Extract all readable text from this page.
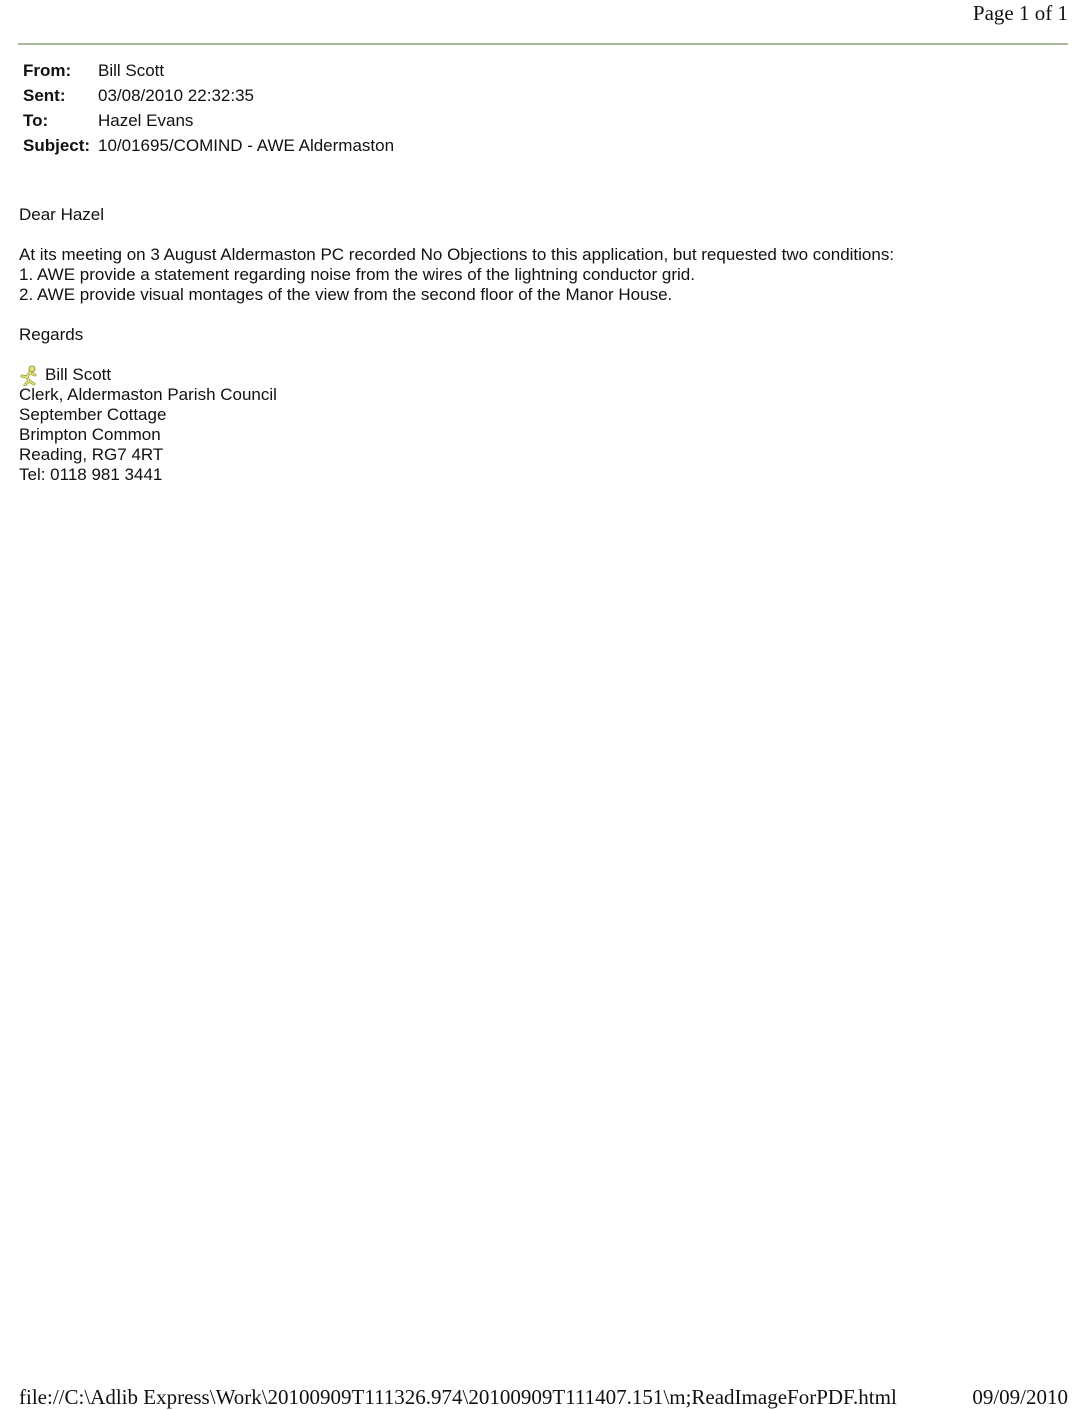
Page 1 of 1
From:	Bill Scott
Sent:	03/08/2010 22:32:35
To:	Hazel Evans
Subject: 10/01695/COMIND - AWE Aldermaston
Dear Hazel
At its meeting on 3 August Aldermaston PC recorded No Objections to this application, but requested two conditions:
1. AWE provide a statement regarding noise from the wires of the lightning conductor grid.
2. AWE provide visual montages of the view from the second floor of the Manor House.
Regards
Bill Scott
Clerk, Aldermaston Parish Council
September Cottage
Brimpton Common
Reading, RG7 4RT
Tel: 0118 981 3441
file://C:\Adlib Express\Work\20100909T111326.974\20100909T111407.151\m;ReadImageForPDF.html	09/09/2010
